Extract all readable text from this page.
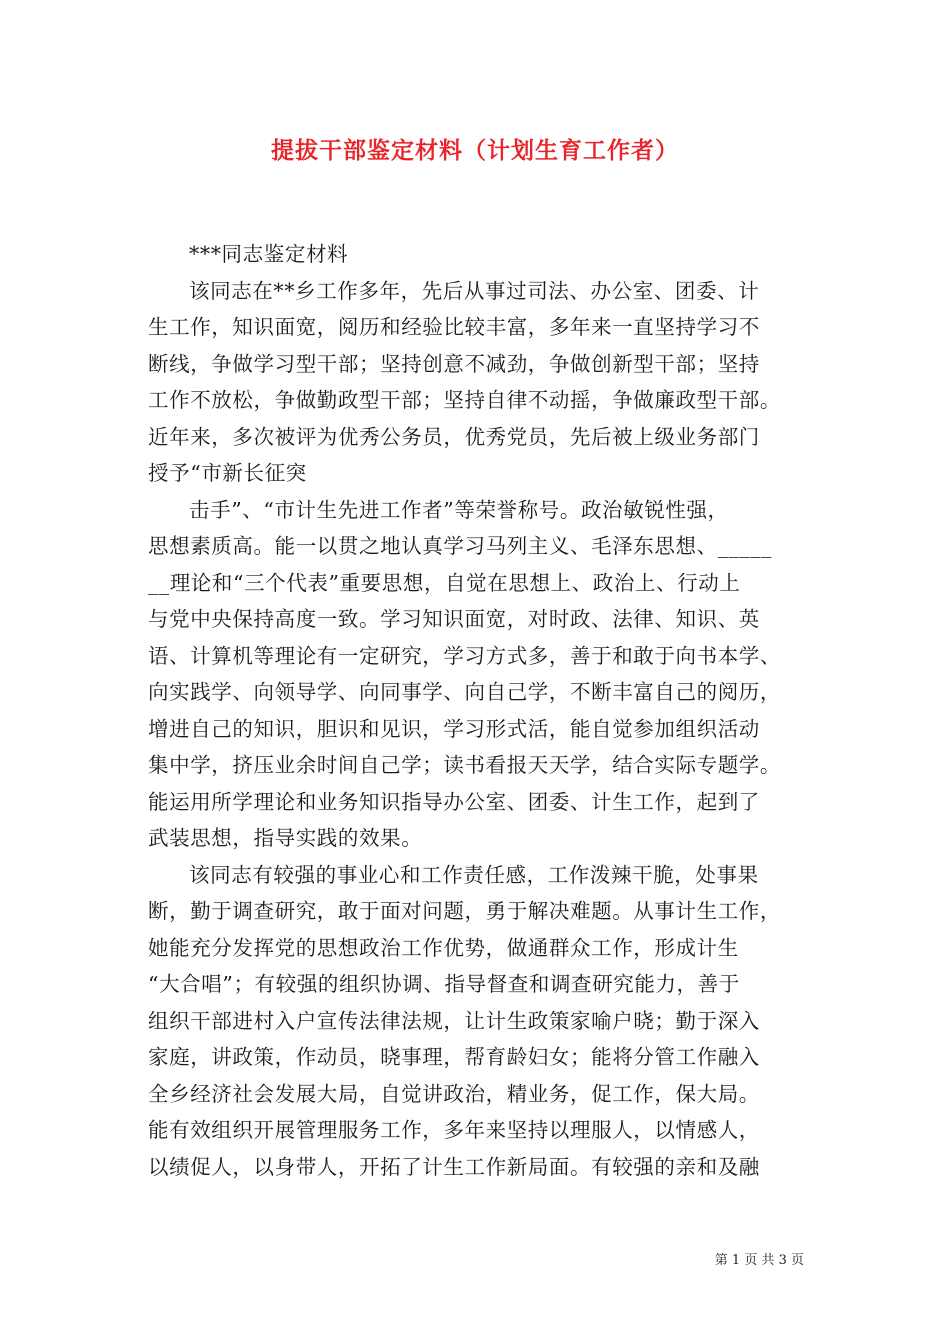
提拔干部鉴定材料（计划生育工作者）
***同志鉴定材料
该同志在**乡工作多年，先后从事过司法、办公室、团委、计
生工作，知识面宽，阅历和经验比较丰富，多年来一直坚持学习不
断线，争做学习型干部；坚持创意不减劲，争做创新型干部；坚持
工作不放松，争做勤政型干部；坚持自律不动摇，争做廉政型干部。
近年来，多次被评为优秀公务员，优秀党员，先后被上级业务部门
授予“市新长征突
击手”、“市计生先进工作者”等荣誉称号。政治敏锐性强，
思想素质高。能一以贯之地认真学习马列主义、毛泽东思想、_____
__理论和“三个代表”重要思想，自觉在思想上、政治上、行动上
与党中央保持高度一致。学习知识面宽，对时政、法律、知识、英
语、计算机等理论有一定研究，学习方式多，善于和敢于向书本学、
向实践学、向领导学、向同事学、向自己学，不断丰富自己的阅历，
增进自己的知识，胆识和见识，学习形式活，能自觉参加组织活动
集中学，挤压业余时间自己学；读书看报天天学，结合实际专题学。
能运用所学理论和业务知识指导办公室、团委、计生工作，起到了
武装思想，指导实践的效果。
该同志有较强的事业心和工作责任感，工作泼辣干脆，处事果
断，勤于调查研究，敢于面对问题，勇于解决难题。从事计生工作，
她能充分发挥党的思想政治工作优势，做通群众工作，形成计生
“大合唱”；有较强的组织协调、指导督查和调查研究能力，善于
组织干部进村入户宣传法律法规，让计生政策家喻户晓；勤于深入
家庭，讲政策，作动员，晓事理，帮育龄妇女；能将分管工作融入
全乡经济社会发展大局，自觉讲政治，精业务，促工作，保大局。
能有效组织开展管理服务工作，多年来坚持以理服人，以情感人，
以绩促人，以身带人，开拓了计生工作新局面。有较强的亲和及融
第 1 页 共 3 页
